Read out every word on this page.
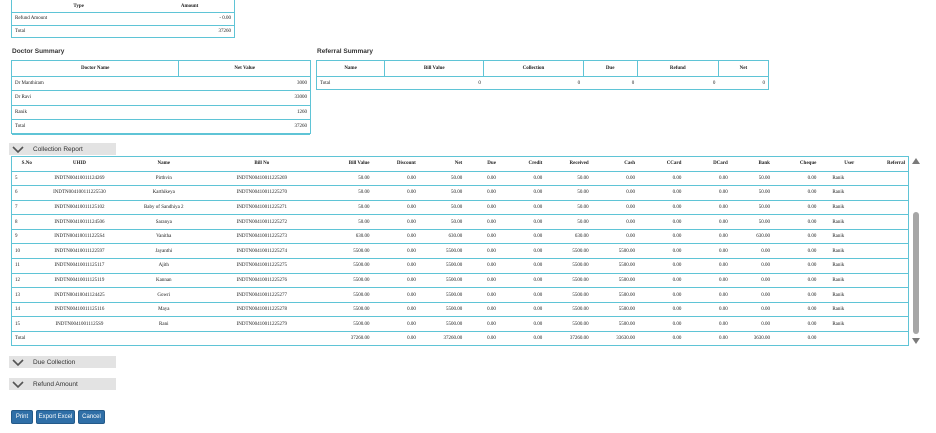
Type	Amount
Refund Amount	- 0.00
Total	37260
Doctor Summary
Doctor Name	Net Value
Dr Manthiram	3000
Dr Ravi	33000
Ranik	1260
Total	37260
Referral Summary
Name	Bill Value	Collection	Due	Refund	Net
Total	0	0	0	0	0
Collection Report
S.No	UHID	Name	Bill No	Bill Value	Discount	Net	Due	Credit	Received	Cash	CCard	DCard	Bank	Cheque	User	Referral
5	INDTN00410011124269	Pirthvin	INDTN00410011225269	50.00	0.00	50.00	0.00	0.00	50.00	0.00	0.00	0.00	50.00	0.00	Ranik	
6	INDTN004100111225530	Karthikeya	INDTN00410011225270	50.00	0.00	50.00	0.00	0.00	50.00	0.00	0.00	0.00	50.00	0.00	Ranik	
7	INDTN00410011125102	Baby of Sandhiya 2	INDTN00410011225271	50.00	0.00	50.00	0.00	0.00	50.00	0.00	0.00	0.00	50.00	0.00	Ranik	
8	INDTN00410011124506	Saranya	INDTN00410011225272	50.00	0.00	50.00	0.00	0.00	50.00	0.00	0.00	0.00	50.00	0.00	Ranik	
9	INDTN004100111225S4	Vanitha	INDTN00410011225273	630.00	0.00	630.00	0.00	0.00	630.00	0.00	0.00	0.00	630.00	0.00	Ranik	
10	INDTN00410011122597	Jayanthi	INDTN00410011225274	5500.00	0.00	5500.00	0.00	0.00	5500.00	5500.00	0.00	0.00	0.00	0.00	Ranik	
11	INDTN00410011125117	Ajith	INDTN00410011225275	5500.00	0.00	5500.00	0.00	0.00	5500.00	5500.00	0.00	0.00	0.00	0.00	Ranik	
12	INDTN00410011125119	Kannan	INDTN00410011225276	5500.00	0.00	5500.00	0.00	0.00	5500.00	5500.00	0.00	0.00	0.00	0.00	Ranik	
13	INDTN00410041124425	Gowri	INDTN00410011225277	5500.00	0.00	5500.00	0.00	0.00	5500.00	5500.00	0.00	0.00	0.00	0.00	Ranik	
14	INDTN00410011125116	Maya	INDTN00410011225278	5500.00	0.00	5500.00	0.00	0.00	5500.00	5500.00	0.00	0.00	0.00	0.00	Ranik	
15	INDTN00410011125S9	Rani	INDTN00410011225279	5500.00	0.00	5500.00	0.00	0.00	5500.00	5500.00	0.00	0.00	0.00	0.00	Ranik	
Total				37260.00	0.00	37260.00	0.00	0.00	37260.00	33630.00	0.00	0.00	3630.00	0.00		
Due Collection
Refund Amount
Print	Export Excel	Cancel
